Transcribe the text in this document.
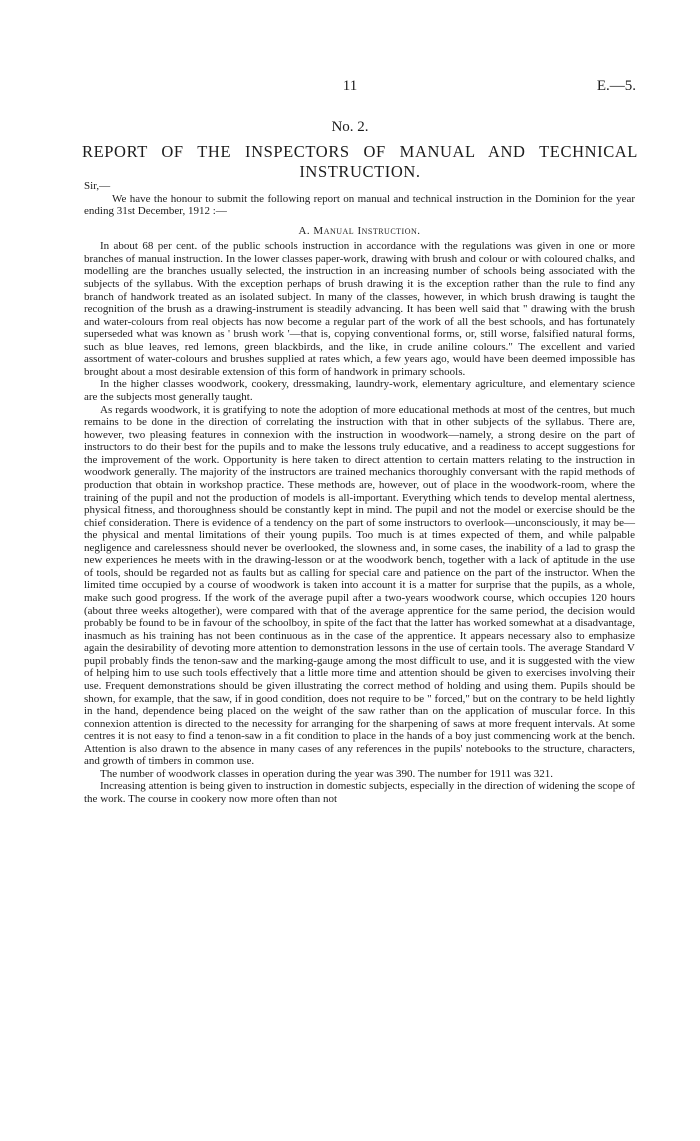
11	E.—5.
No. 2.
REPORT OF THE INSPECTORS OF MANUAL AND TECHNICAL INSTRUCTION.

Sir,—

We have the honour to submit the following report on manual and technical instruction in the Dominion for the year ending 31st December, 1912 :—

A. Manual Instruction.

In about 68 per cent. of the public schools instruction in accordance with the regulations was given in one or more branches of manual instruction. In the lower classes paper-work, drawing with brush and colour or with coloured chalks, and modelling are the branches usually selected, the instruction in an increasing number of schools being associated with the subjects of the syllabus. With the exception perhaps of brush drawing it is the exception rather than the rule to find any branch of handwork treated as an isolated subject. In many of the classes, however, in which brush drawing is taught the recognition of the brush as a drawing-instrument is steadily advancing. It has been well said that " drawing with the brush and water-colours from real objects has now become a regular part of the work of all the best schools, and has fortunately superseded what was known as ' brush work '—that is, copying conventional forms, or, still worse, falsified natural forms, such as blue leaves, red lemons, green blackbirds, and the like, in crude aniline colours." The excellent and varied assortment of water-colours and brushes supplied at rates which, a few years ago, would have been deemed impossible has brought about a most desirable extension of this form of handwork in primary schools.

In the higher classes woodwork, cookery, dressmaking, laundry-work, elementary agriculture, and elementary science are the subjects most generally taught.

As regards woodwork, it is gratifying to note the adoption of more educational methods at most of the centres, but much remains to be done in the direction of correlating the instruction with that in other subjects of the syllabus. There are, however, two pleasing features in connexion with the instruction in woodwork—namely, a strong desire on the part of instructors to do their best for the pupils and to make the lessons truly educative, and a readiness to accept suggestions for the improvement of the work. Opportunity is here taken to direct attention to certain matters relating to the instruction in woodwork generally. The majority of the instructors are trained mechanics thoroughly conversant with the rapid methods of production that obtain in workshop practice. These methods are, however, out of place in the woodwork-room, where the training of the pupil and not the production of models is all-important. Everything which tends to develop mental alertness, physical fitness, and thoroughness should be constantly kept in mind. The pupil and not the model or exercise should be the chief consideration. There is evidence of a tendency on the part of some instructors to overlook—unconsciously, it may be—the physical and mental limitations of their young pupils. Too much is at times expected of them, and while palpable negligence and carelessness should never be overlooked, the slowness and, in some cases, the inability of a lad to grasp the new experiences he meets with in the drawing-lesson or at the woodwork bench, together with a lack of aptitude in the use of tools, should be regarded not as faults but as calling for special care and patience on the part of the instructor. When the limited time occupied by a course of woodwork is taken into account it is a matter for surprise that the pupils, as a whole, make such good progress. If the work of the average pupil after a two-years woodwork course, which occupies 120 hours (about three weeks altogether), were compared with that of the average apprentice for the same period, the decision would probably be found to be in favour of the schoolboy, in spite of the fact that the latter has worked somewhat at a disadvantage, inasmuch as his training has not been continuous as in the case of the apprentice. It appears necessary also to emphasize again the desirability of devoting more attention to demonstration lessons in the use of certain tools. The average Standard V pupil probably finds the tenon-saw and the marking-gauge among the most difficult to use, and it is suggested with the view of helping him to use such tools effectively that a little more time and attention should be given to exercises involving their use. Frequent demonstrations should be given illustrating the correct method of holding and using them. Pupils should be shown, for example, that the saw, if in good condition, does not require to be " forced," but on the contrary to be held lightly in the hand, dependence being placed on the weight of the saw rather than on the application of muscular force. In this connexion attention is directed to the necessity for arranging for the sharpening of saws at more frequent intervals. At some centres it is not easy to find a tenon-saw in a fit condition to place in the hands of a boy just commencing work at the bench. Attention is also drawn to the absence in many cases of any references in the pupils' notebooks to the structure, characters, and growth of timbers in common use.

The number of woodwork classes in operation during the year was 390. The number for 1911 was 321.

Increasing attention is being given to instruction in domestic subjects, especially in the direction of widening the scope of the work. The course in cookery now more often than not
